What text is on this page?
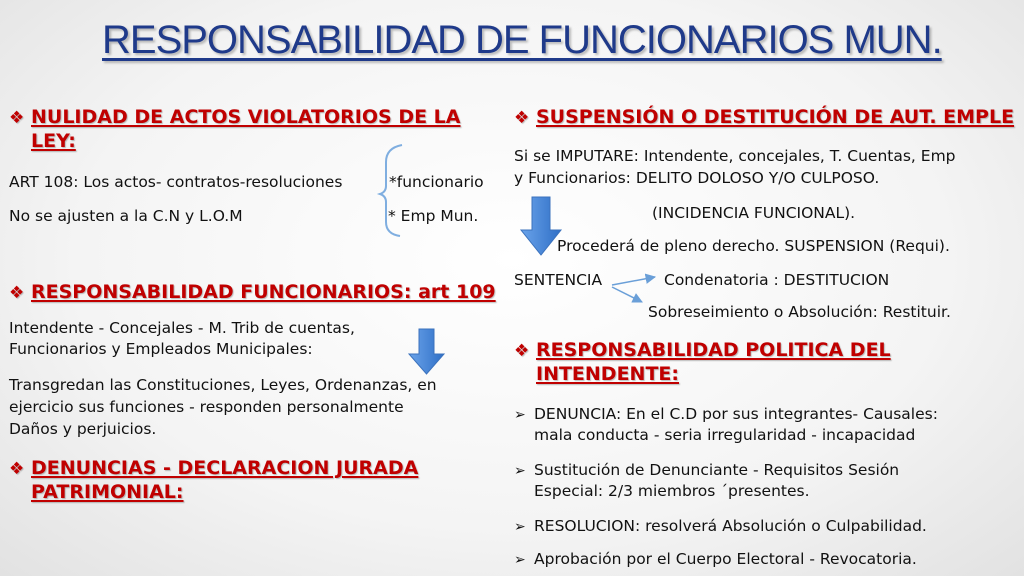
RESPONSABILIDAD DE FUNCIONARIOS MUN.
❖ NULIDAD DE ACTOS VIOLATORIOS DE LA
LEY:
ART 108: Los actos- contratos-resoluciones	*funcionario
No se ajusten a la C.N y L.O.M	* Emp Mun.
❖ RESPONSABILIDAD FUNCIONARIOS: art 109
Intendente - Concejales - M. Trib de cuentas,
Funcionarios y Empleados Municipales:
Transgredan las Constituciones, Leyes, Ordenanzas, en
ejercicio sus funciones - responden personalmente
Daños y perjuicios.
❖ DENUNCIAS - DECLARACION JURADA
PATRIMONIAL:
❖ SUSPENSIÓN O DESTITUCIÓN DE AUT. EMPLE
Si se IMPUTARE: Intendente, concejales, T. Cuentas, Emp
y Funcionarios: DELITO DOLOSO Y/O CULPOSO.
(INCIDENCIA FUNCIONAL).
Procederá de pleno derecho. SUSPENSION (Requi).
SENTENCIA	Condenatoria : DESTITUCION
Sobreseimiento o Absolución: Restituir.
❖ RESPONSABILIDAD POLITICA DEL
INTENDENTE:
➢ DENUNCIA: En el C.D por sus integrantes- Causales:
mala conducta - seria irregularidad - incapacidad
➢ Sustitución de Denunciante - Requisitos Sesión
Especial: 2/3 miembros ´presentes.
➢ RESOLUCION: resolverá Absolución o Culpabilidad.
➢ Aprobación por el Cuerpo Electoral - Revocatoria.
